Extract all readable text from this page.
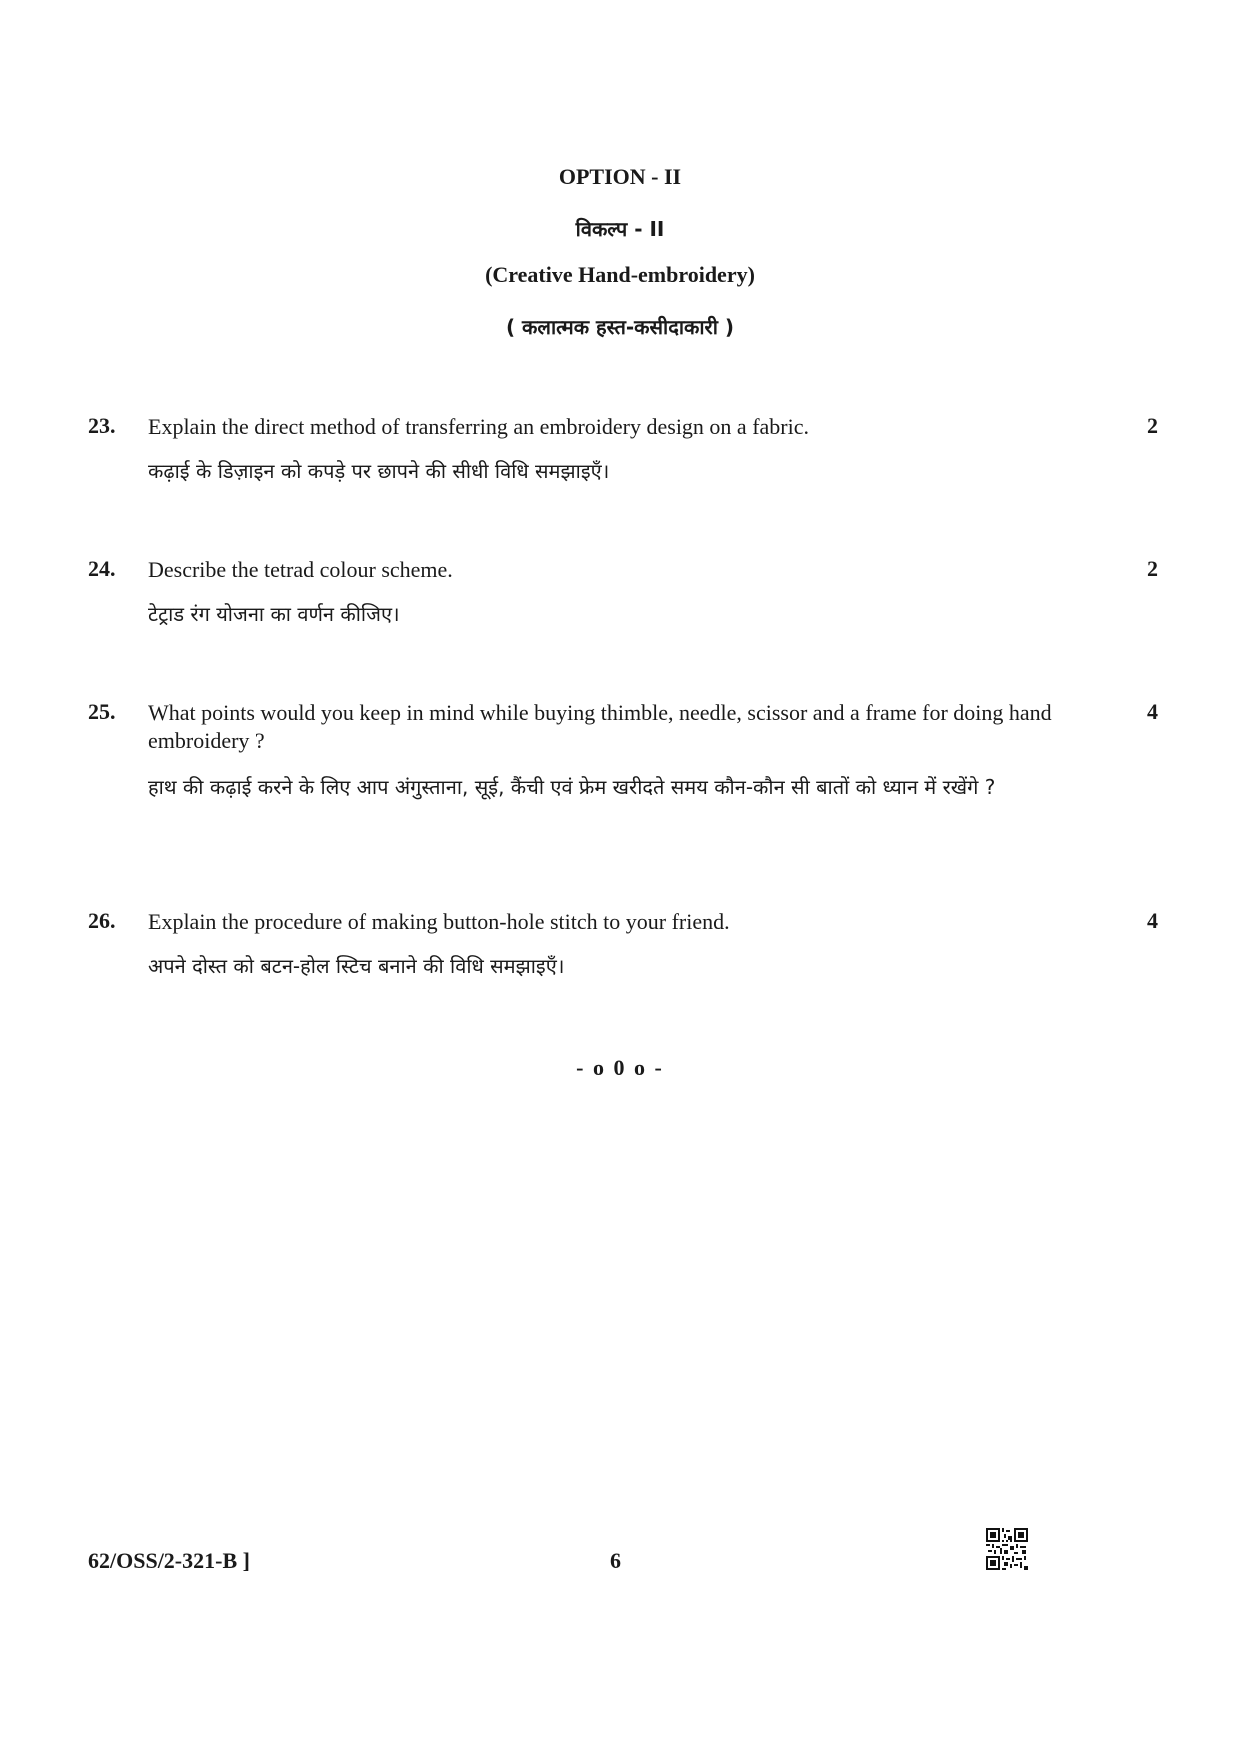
OPTION - II
विकल्प - II
(Creative Hand-embroidery)
( कलात्मक हस्त-कसीदाकारी )
23. Explain the direct method of transferring an embroidery design on a fabric.
कढ़ाई के डिज़ाइन को कपड़े पर छापने की सीधी विधि समझाइएँ।
2
24. Describe the tetrad colour scheme.
टेट्राड रंग योजना का वर्णन कीजिए।
2
25. What points would you keep in mind while buying thimble, needle, scissor and a frame for doing hand embroidery ?
हाथ की कढ़ाई करने के लिए आप अंगुस्ताना, सूई, कैंची एवं फ्रेम खरीदते समय कौन-कौन सी बातों को ध्यान में रखेंगे ?
4
26. Explain the procedure of making button-hole stitch to your friend.
अपने दोस्त को बटन-होल स्टिच बनाने की विधि समझाइएँ।
4
- o 0 o -
62/OSS/2-321-B ]	6
